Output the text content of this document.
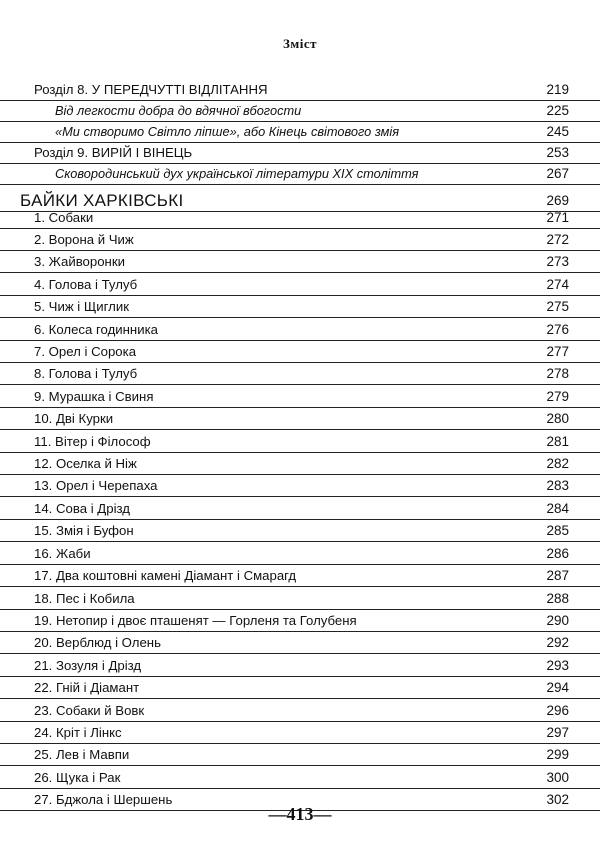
Зміст
Розділ 8. У ПЕРЕДЧУТТІ ВІДЛІТАННЯ	219
Від легкости добра до вдячної вбогости	225
«Ми створимо Світло ліпше», або Кінець світового змія	245
Розділ 9. ВИРІЙ І ВІНЕЦЬ	253
Сковородинський дух української літератури ХІХ століття	267
БАЙКИ ХАРКІВСЬКІ	269
1. Собаки	271
2. Ворона й Чиж	272
3. Жайворонки	273
4. Голова і Тулуб	274
5. Чиж і Щиглик	275
6. Колеса годинника	276
7. Орел і Сорока	277
8. Голова і Тулуб	278
9. Мурашка і Свиня	279
10. Дві Курки	280
11. Вітер і Філософ	281
12. Оселка й Ніж	282
13. Орел і Черепаха	283
14. Сова і Дрізд	284
15. Змія і Буфон	285
16. Жаби	286
17. Два коштовні камені Діамант і Смарагд	287
18. Пес і Кобила	288
19. Нетопир і двоє пташенят — Горленя та Голубеня	290
20. Верблюд і Олень	292
21. Зозуля і Дрізд	293
22. Гній і Діамант	294
23. Собаки й Вовк	296
24. Кріт і Лінкс	297
25. Лев і Мавпи	299
26. Щука і Рак	300
27. Бджола і Шершень	302
—413—
